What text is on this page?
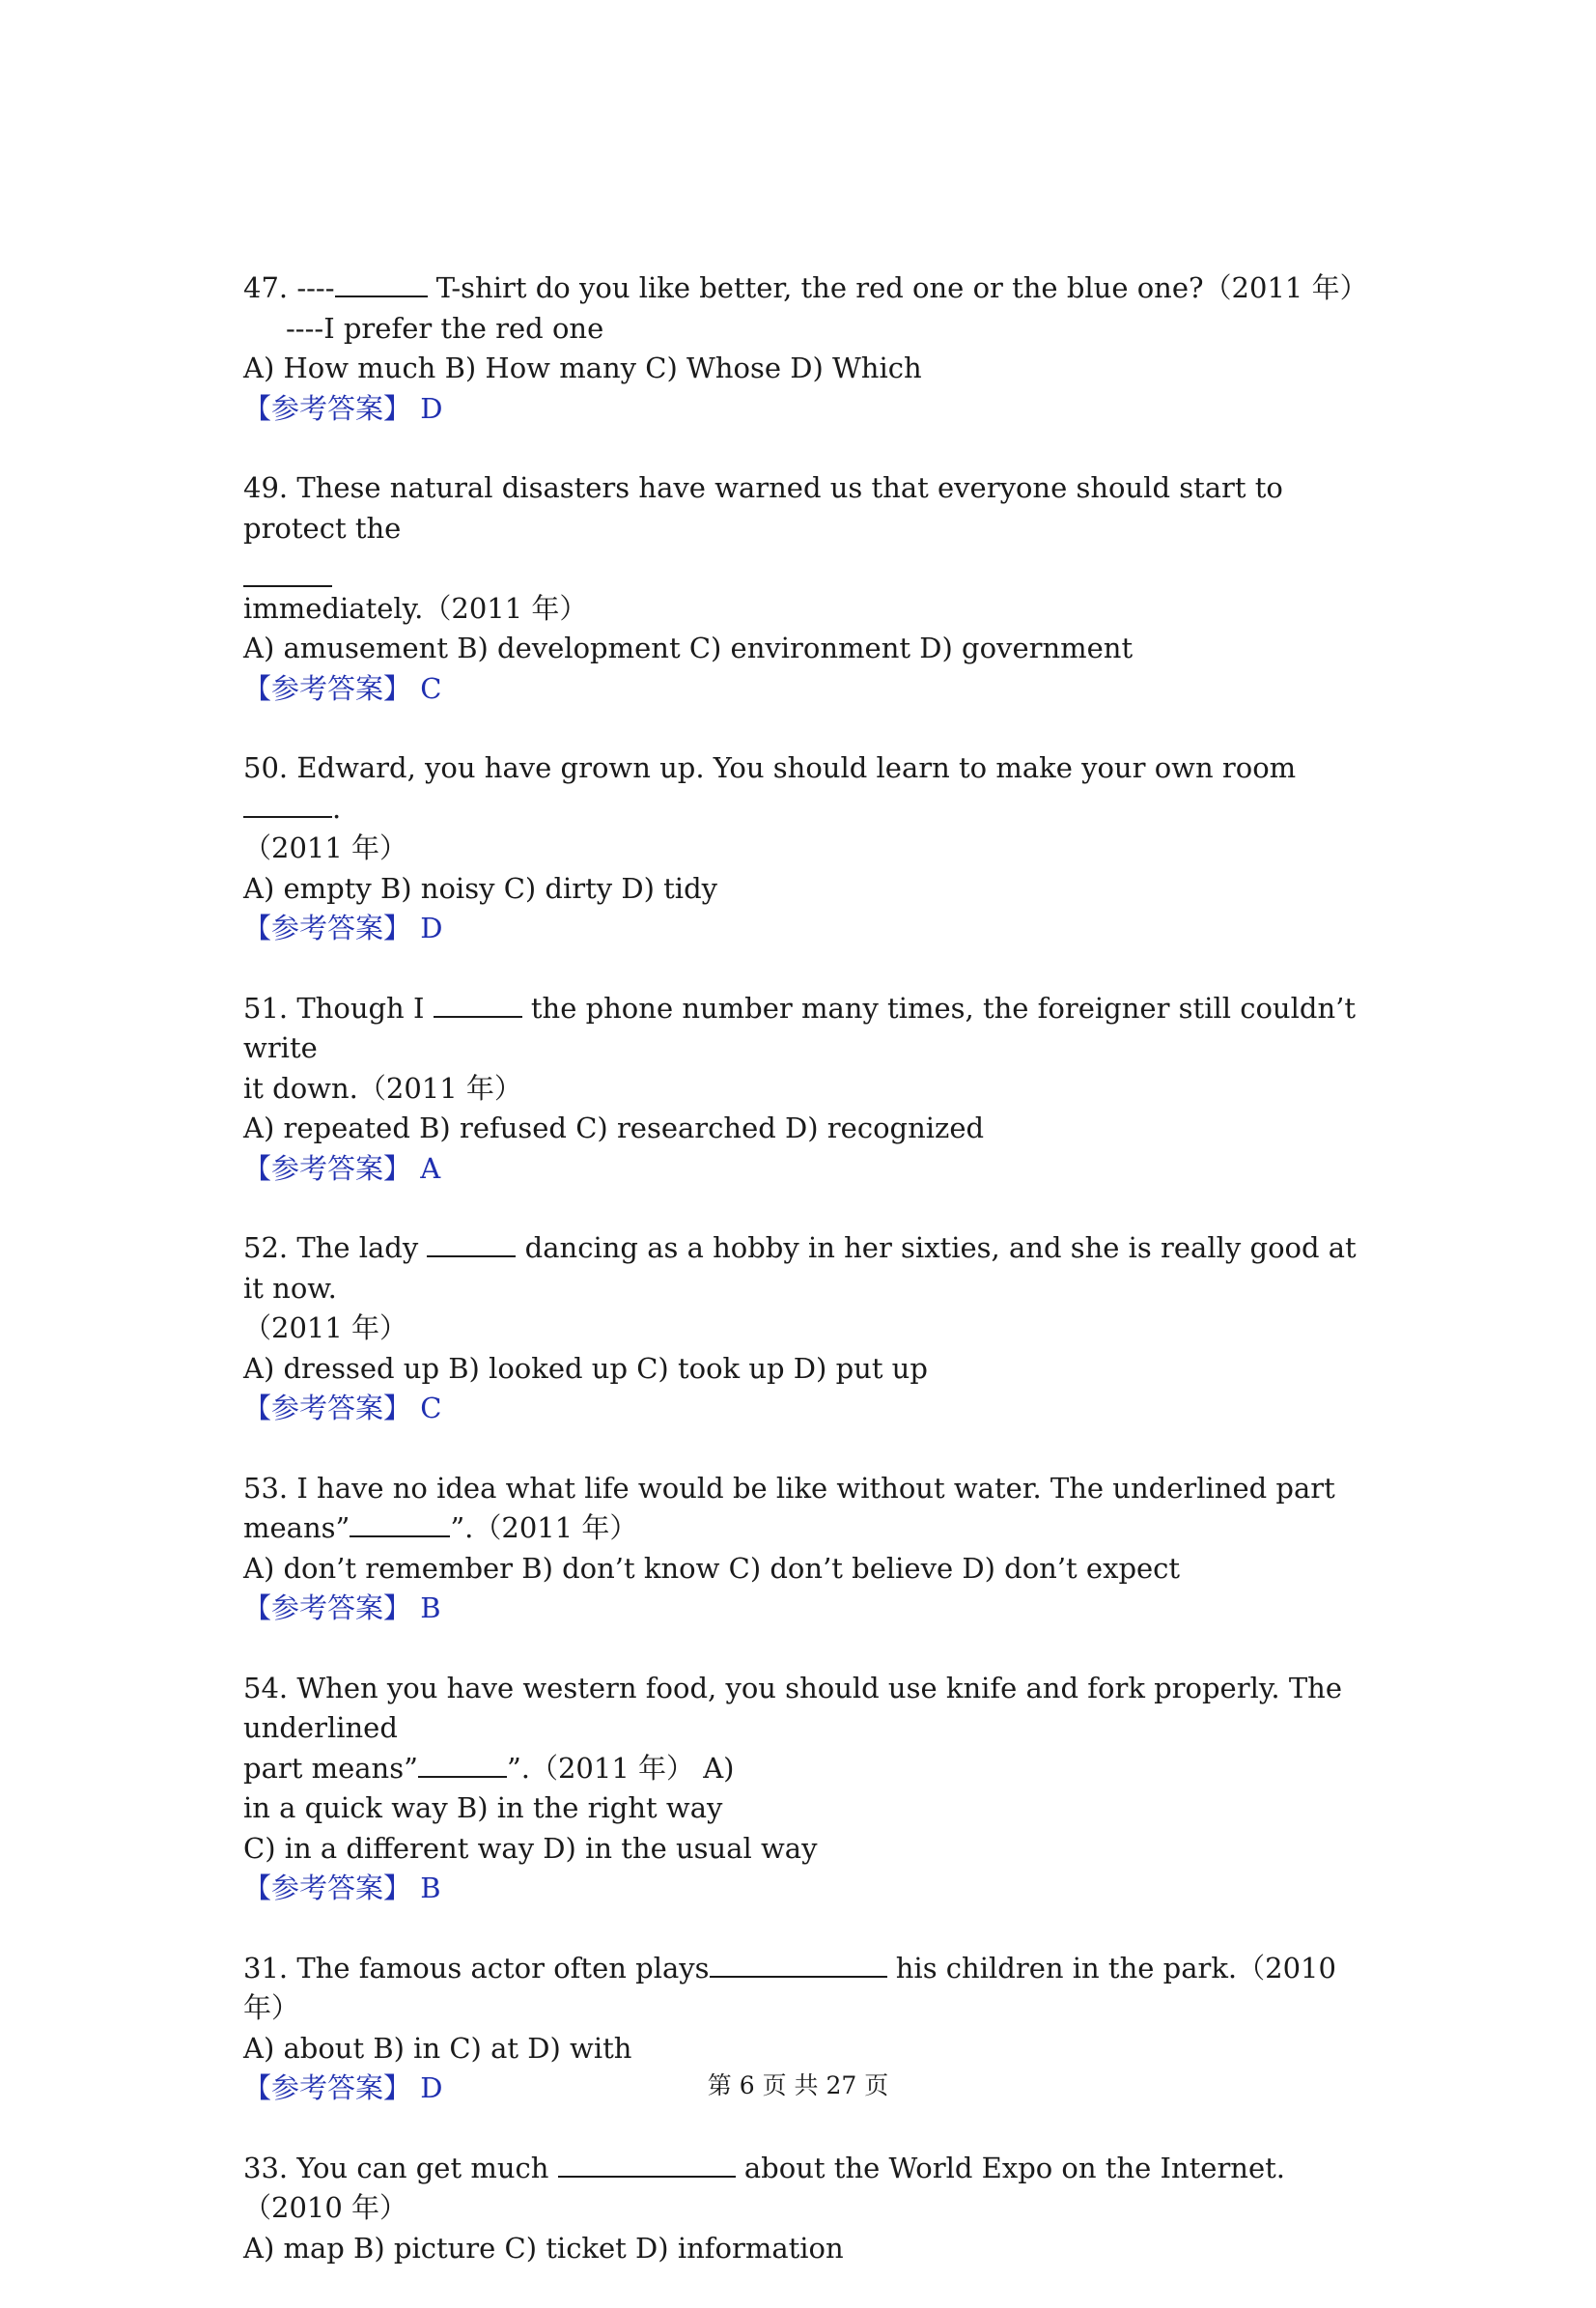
47. ----	T-shirt do you like better, the red one or the blue one?（2011 年）

----I prefer the red one

A) How much B) How many C) Whose D) Which

【参考答案】 D

49. These natural disasters have warned us that everyone should start to protect the

immediately.（2011 年）

A) amusement B) development C) environment D) government

【参考答案】 C

50. Edward, you have grown up. You should learn to make your own room .

（2011 年）

A) empty B) noisy C) dirty D) tidy

【参考答案】 D

51. Though I	the phone number many times, the foreigner still couldn’t write

it down.（2011 年）

A) repeated B) refused C) researched D) recognized

【参考答案】 A

52. The lady	dancing as a hobby in her sixties, and she is really good at it now.

（2011 年）

A) dressed up B) looked up C) took up D) put up

【参考答案】 C

53. I have no idea what life would be like without water. The underlined part

means”	”.（2011 年）

A) don’t remember B) don’t know C) don’t believe D) don’t expect

【参考答案】 B

54. When you have western food, you should use knife and fork properly. The

underlined

part means”	”.（2011 年） A)

in a quick way B) in the right way

C) in a different way D) in the usual way

【参考答案】 B

31. The famous actor often plays	his children in the park.（2010 年）

A) about B) in C) at D) with

【参考答案】 D

33. You can get much	about the World Expo on the Internet.（2010 年）

A) map B) picture C) ticket D) information

第 6 页 共 27 页
